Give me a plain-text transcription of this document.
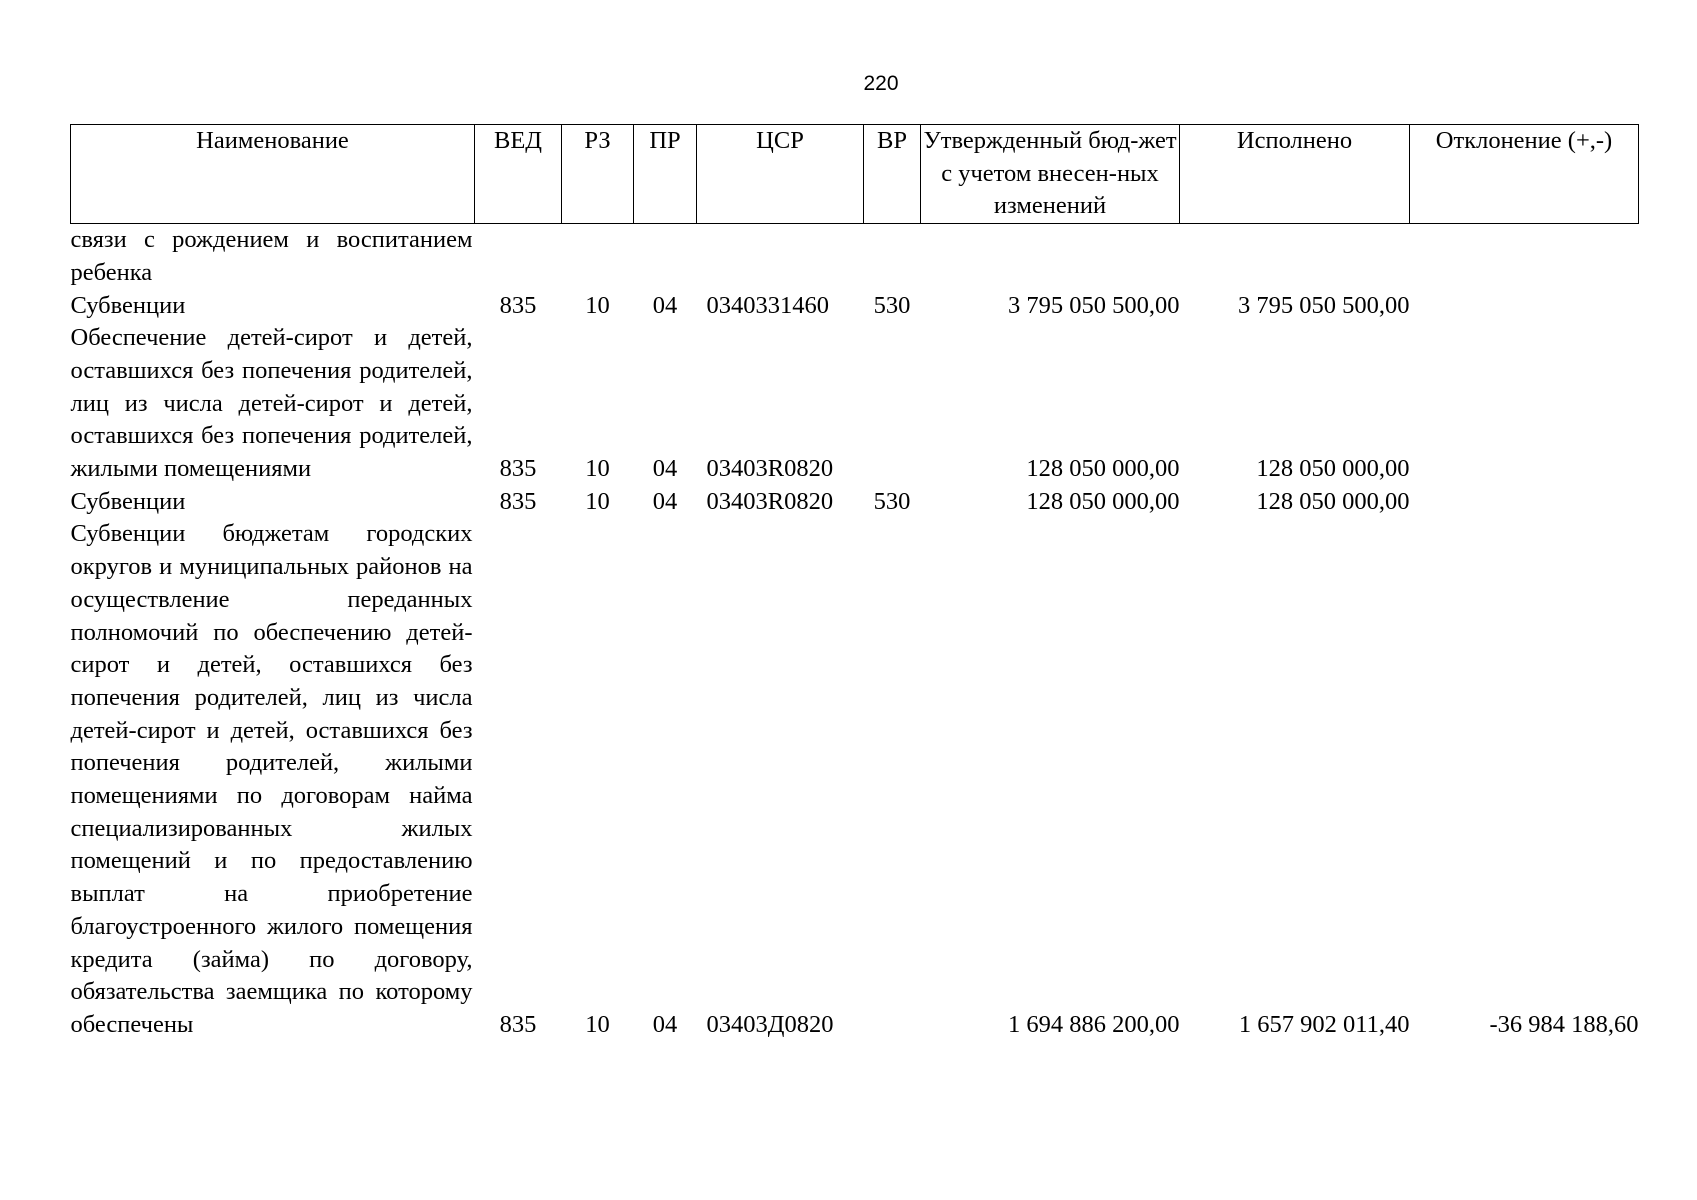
220
Наименование	ВЕД	РЗ	ПР	ЦСР	ВР	Утвержденный бюд-жет с учетом внесен-ных изменений	Исполнено	Отклонение (+,-)
связи с рождением и воспитанием ребенка								
Субвенции	835	10	04	0340331460	530	3 795 050 500,00	3 795 050 500,00	
Обеспечение детей-сирот и детей, оставшихся без попечения родителей, лиц из числа детей-сирот и детей, оставшихся без попечения родителей, жилыми помещениями	835	10	04	03403R0820		128 050 000,00	128 050 000,00	
Субвенции	835	10	04	03403R0820	530	128 050 000,00	128 050 000,00	
Субвенции бюджетам городских округов и муниципальных районов на осуществление переданных полномочий по обеспечению детей-сирот и детей, оставшихся без попечения родителей, лиц из числа детей-сирот и детей, оставшихся без попечения родителей, жилыми помещениями по договорам найма специализированных жилых помещений и по предоставлению выплат на приобретение благоустроенного жилого помещения кредита (займа) по договору, обязательства заемщика по которому обеспечены	835	10	04	03403Д0820		1 694 886 200,00	1 657 902 011,40	-36 984 188,60
